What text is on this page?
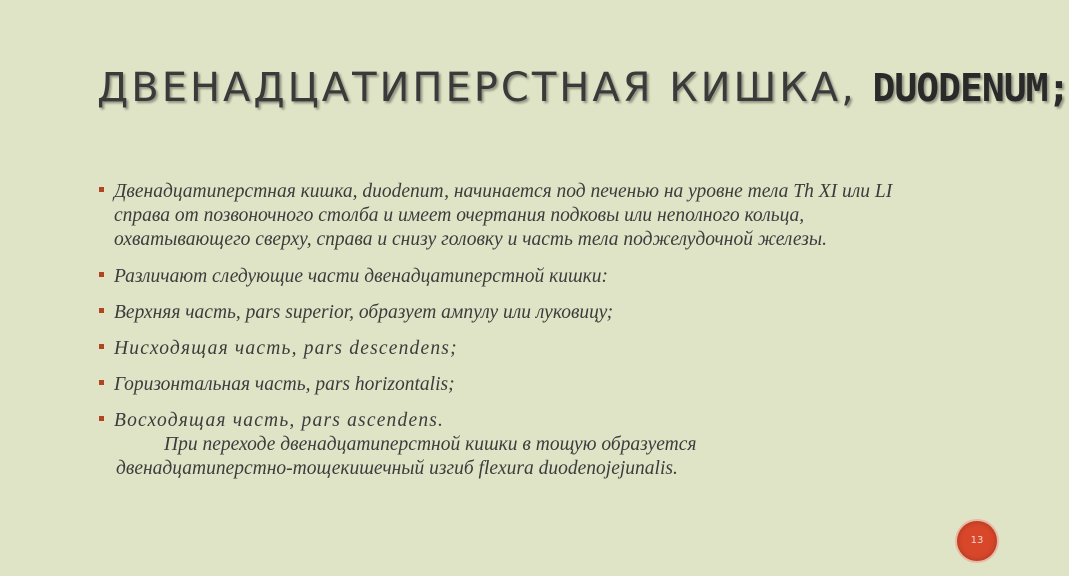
ДВЕНАДЦАТИПЕРСТНАЯ КИШКА, DUODENUM;
Двенадцатиперстная кишка, duodenит, начинается под печенью на уровне тела Th XI или LI справа от позвоночного столба и имеет очертания подковы или неполного кольца, охватывающего сверху, справа и снизу головку и часть тела поджелудочной железы.
Различают следующие части двенадцатиперстной кишки:
Верхняя часть, pars superior, образует ампулу или луковицу;
Нисходящая часть, pars descendens;
Горизонтальная часть, pars horizontalis;
Восходящая часть, pars ascendens.
При переходе двенадцатиперстной кишки в тощую образуется
двенадцатиперстно-тощекишечный изгиб flexura duodenojejunalis.
13
